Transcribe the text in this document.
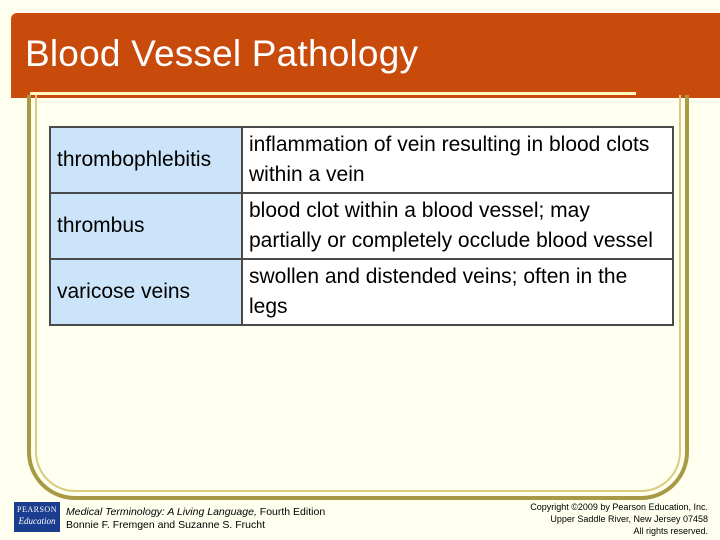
Blood Vessel Pathology
thrombophlebitis	inflammation of vein resulting in blood clots within a vein
thrombus	blood clot within a blood vessel; may partially or completely occlude blood vessel
varicose veins	swollen and distended veins; often in the legs
PEARSON
Education
Medical Terminology: A Living Language, Fourth Edition
Bonnie F. Fremgen and Suzanne S. Frucht
Copyright ©2009 by Pearson Education, Inc.
Upper Saddle River, New Jersey 07458
All rights reserved.
